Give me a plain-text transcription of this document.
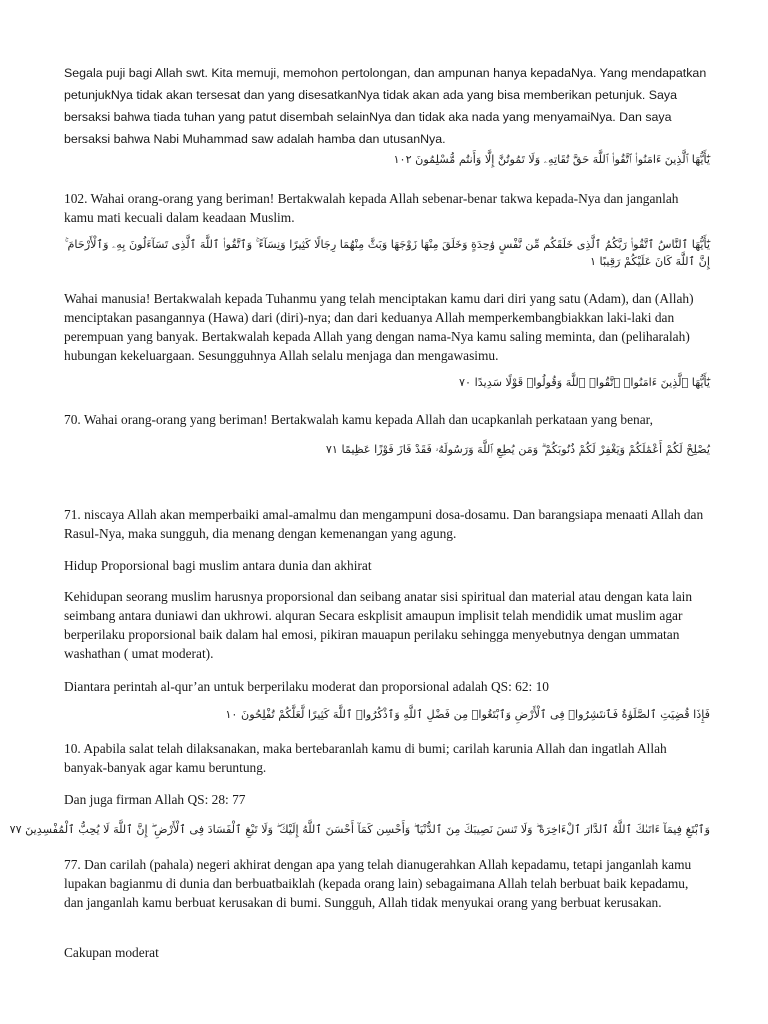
Segala puji bagi Allah swt. Kita memuji, memohon pertolongan, dan ampunan hanya kepadaNya. Yang mendapatkan petunjukNya tidak akan tersesat dan yang disesatkanNya tidak akan ada yang bisa memberikan petunjuk. Saya bersaksi bahwa tiada tuhan yang patut disembah selainNya dan tidak aka nada yang menyamaiNya. Dan saya bersaksi bahwa Nabi Muhammad saw adalah hamba dan utusanNya.

يَٰٓأَيُّهَا ٱلَّذِينَ ءَامَنُوا۟ ٱتَّقُوا۟ ٱللَّهَ حَقَّ تُقَاتِهِۦ وَلَا تَمُوتُنَّ إِلَّا وَأَنتُم مُّسْلِمُونَ ١٠٢

102. Wahai orang-orang yang beriman! Bertakwalah kepada Allah sebenar-benar takwa kepada-Nya dan janganlah kamu mati kecuali dalam keadaan Muslim.

يَٰٓأَيُّهَا ٱلنَّاسُ ٱتَّقُوا۟ رَبَّكُمُ ٱلَّذِى خَلَقَكُم مِّن نَّفْسٍ وَٰحِدَةٍ وَخَلَقَ مِنْهَا زَوْجَهَا وَبَثَّ مِنْهُمَا رِجَالًا كَثِيرًا وَنِسَآءً ۚ وَٱتَّقُوا۟ ٱللَّهَ ٱلَّذِى تَسَآءَلُونَ بِهِۦ وَٱلْأَرْحَامَ ۚ إِنَّ ٱللَّهَ كَانَ عَلَيْكُمْ رَقِيبًا ١

Wahai manusia! Bertakwalah kepada Tuhanmu yang telah menciptakan kamu dari diri yang satu (Adam), dan (Allah) menciptakan pasangannya (Hawa) dari (diri)-nya; dan dari keduanya Allah memperkembangbiakkan laki-laki dan perempuan yang banyak. Bertakwalah kepada Allah yang dengan nama-Nya kamu saling meminta, dan (peliharalah) hubungan kekeluargaan. Sesungguhnya Allah selalu menjaga dan mengawasimu.

يَٰٓأَيُّهَا ٱلَّذِينَ ءَامَنُوا۟ ٱتَّقُوا۟ ٱللَّهَ وَقُولُوا۟ قَوْلًا سَدِيدًا ٧٠

70. Wahai orang-orang yang beriman! Bertakwalah kamu kepada Allah dan ucapkanlah perkataan yang benar,

يُصْلِحْ لَكُمْ أَعْمَٰلَكُمْ وَيَغْفِرْ لَكُمْ ذُنُوبَكُمْ ۗ وَمَن يُطِعِ ٱللَّهَ وَرَسُولَهُۥ فَقَدْ فَازَ فَوْزًا عَظِيمًا ٧١

71. niscaya Allah akan memperbaiki amal-amalmu dan mengampuni dosa-dosamu. Dan barangsiapa menaati Allah dan Rasul-Nya, maka sungguh, dia menang dengan kemenangan yang agung.

Hidup Proporsional bagi muslim antara dunia dan akhirat

Kehidupan seorang muslim harusnya proporsional dan seibang anatar sisi spiritual dan material atau dengan kata lain seimbang antara duniawi dan ukhrowi. alquran Secara eskplisit amaupun implisit telah mendidik umat muslim agar berperilaku proporsional baik dalam hal emosi, pikiran mauapun perilaku sehingga menyebutnya dengan ummatan washathan ( umat moderat).

Diantara perintah al-qur’an untuk berperilaku moderat dan proporsional adalah QS: 62: 10

فَإِذَا قُضِيَتِ ٱلصَّلَوٰةُ فَٱنتَشِرُوا۟ فِى ٱلْأَرْضِ وَٱبْتَغُوا۟ مِن فَضْلِ ٱللَّهِ وَٱذْكُرُوا۟ ٱللَّهَ كَثِيرًا لَّعَلَّكُمْ تُفْلِحُونَ ١٠

10. Apabila salat telah dilaksanakan, maka bertebaranlah kamu di bumi; carilah karunia Allah dan ingatlah Allah banyak-banyak agar kamu beruntung.

Dan juga firman Allah QS: 28: 77

وَٱبْتَغِ فِيمَآ ءَاتَىٰكَ ٱللَّهُ ٱلدَّارَ ٱلْءَاخِرَةَ ۖ وَلَا تَنسَ نَصِيبَكَ مِنَ ٱلدُّنْيَا ۖ وَأَحْسِن كَمَآ أَحْسَنَ ٱللَّهُ إِلَيْكَ ۖ وَلَا تَبْغِ ٱلْفَسَادَ فِى ٱلْأَرْضِ ۖ إِنَّ ٱللَّهَ لَا يُحِبُّ ٱلْمُفْسِدِينَ ٧٧

77. Dan carilah (pahala) negeri akhirat dengan apa yang telah dianugerahkan Allah kepadamu, tetapi janganlah kamu lupakan bagianmu di dunia dan berbuatbaiklah (kepada orang lain) sebagaimana Allah telah berbuat baik kepadamu, dan janganlah kamu berbuat kerusakan di bumi. Sungguh, Allah tidak menyukai orang yang berbuat kerusakan.

Cakupan moderat
